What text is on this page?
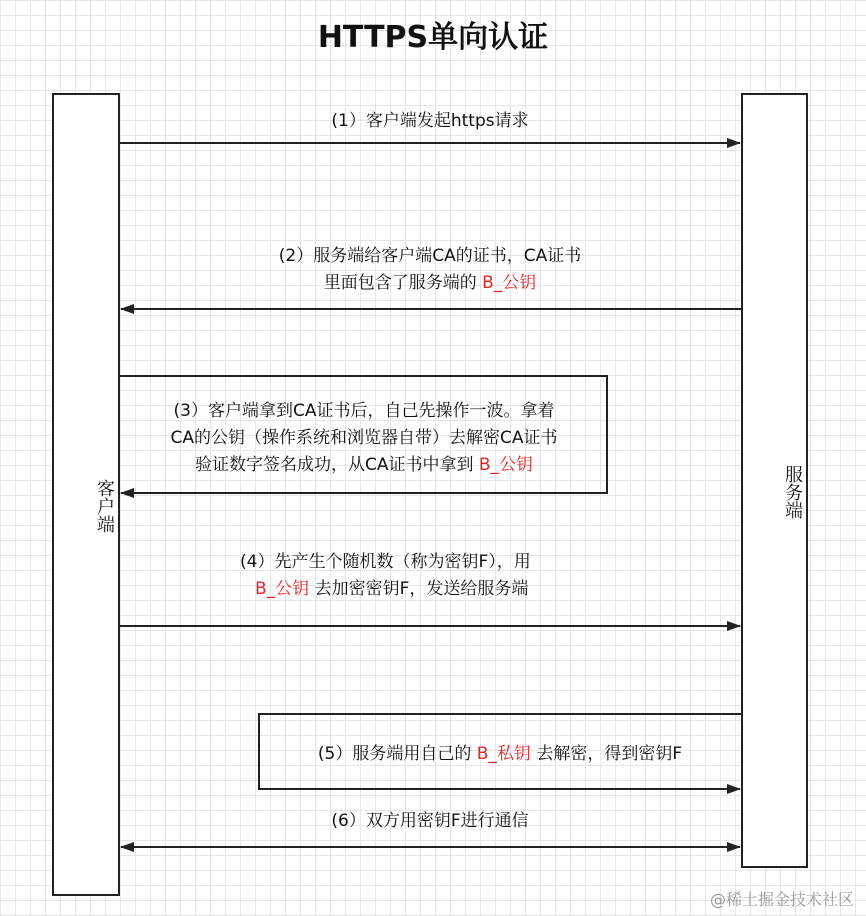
HTTPS单向认证
客户端	服务端
(1）客户端发起https请求
(2）服务端给客户端CA的证书，CA证书
里面包含了服务端的 B_公钥
(3）客户端拿到CA证书后，自己先操作一波。拿着
CA的公钥（操作系统和浏览器自带）去解密CA证书
验证数字签名成功，从CA证书中拿到 B_公钥
(4）先产生个随机数（称为密钥F），用
B_公钥 去加密密钥F，发送给服务端
(5）服务端用自己的 B_私钥 去解密，得到密钥F
(6）双方用密钥F进行通信
@稀土掘金技术社区
